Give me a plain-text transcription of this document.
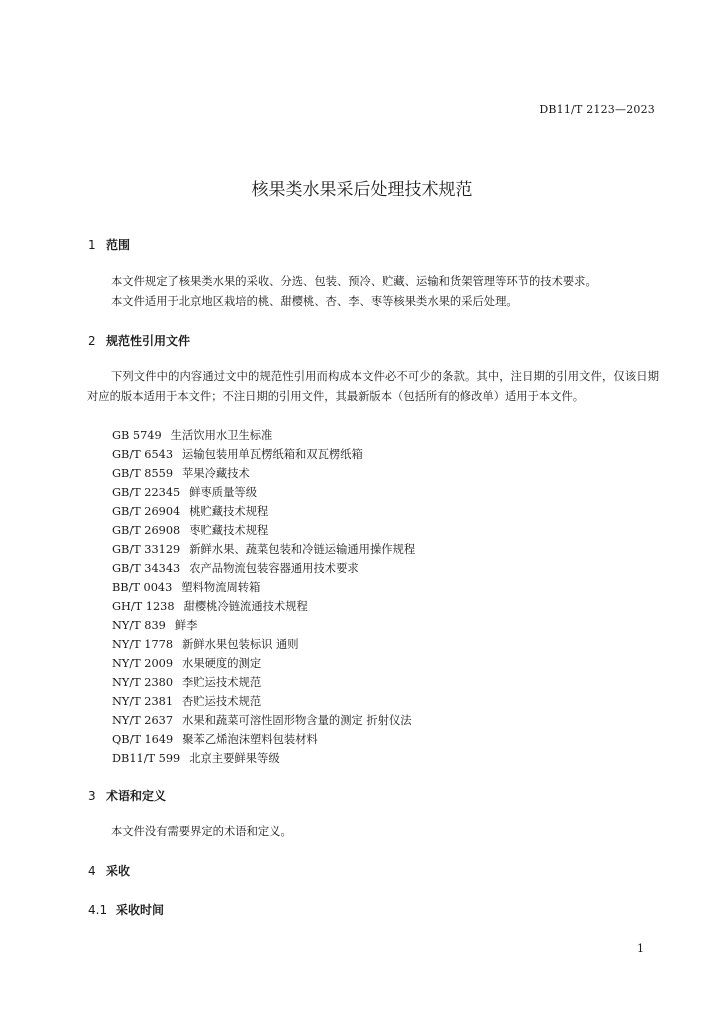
DB11/T 2123—2023
核果类水果采后处理技术规范
1 范围

本文件规定了核果类水果的采收、分选、包装、预冷、贮藏、运输和货架管理等环节的技术要求。

本文件适用于北京地区栽培的桃、甜樱桃、杏、李、枣等核果类水果的采后处理。

2 规范性引用文件

下列文件中的内容通过文中的规范性引用而构成本文件必不可少的条款。其中，注日期的引用文件，仅该日期对应的版本适用于本文件；不注日期的引用文件，其最新版本（包括所有的修改单）适用于本文件。

GB 5749 生活饮用水卫生标准
GB/T 6543 运输包装用单瓦楞纸箱和双瓦楞纸箱
GB/T 8559 苹果冷藏技术
GB/T 22345 鲜枣质量等级
GB/T 26904 桃贮藏技术规程
GB/T 26908 枣贮藏技术规程
GB/T 33129 新鲜水果、蔬菜包装和冷链运输通用操作规程
GB/T 34343 农产品物流包装容器通用技术要求
BB/T 0043 塑料物流周转箱
GH/T 1238 甜樱桃冷链流通技术规程
NY/T 839 鲜李
NY/T 1778 新鲜水果包装标识 通则
NY/T 2009 水果硬度的测定
NY/T 2380 李贮运技术规范
NY/T 2381 杏贮运技术规范
NY/T 2637 水果和蔬菜可溶性固形物含量的测定 折射仪法
QB/T 1649 聚苯乙烯泡沫塑料包装材料
DB11/T 599 北京主要鲜果等级
3 术语和定义

本文件没有需要界定的术语和定义。

4 采收
4.1 采收时间
1
